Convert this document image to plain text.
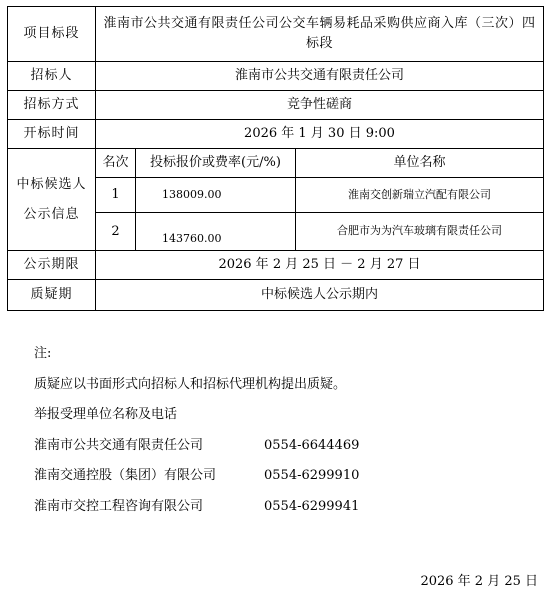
项目标段	淮南市公共交通有限责任公司公交车辆易耗品采购供应商入库（三次）四标段		
招标人	淮南市公共交通有限责任公司		
招标方式	竞争性磋商		
开标时间	2026 年 1 月 30 日 9:00		
中标候选人公示信息	名次	投标报价或费率(元/%)	单位名称
	1	138009.00	淮南交创新瑞立汽配有限公司
	2	143760.00	合肥市为为汽车玻璃有限责任公司
公示期限	2026 年 2 月 25 日 － 2 月 27 日		
质疑期	中标候选人公示期内		
注:
质疑应以书面形式向招标人和招标代理机构提出质疑。
举报受理单位名称及电话
淮南市公共交通有限责任公司	0554-6644469
淮南交通控股（集团）有限公司	0554-6299910
淮南市交控工程咨询有限公司	0554-6299941
2026 年 2 月 25 日
